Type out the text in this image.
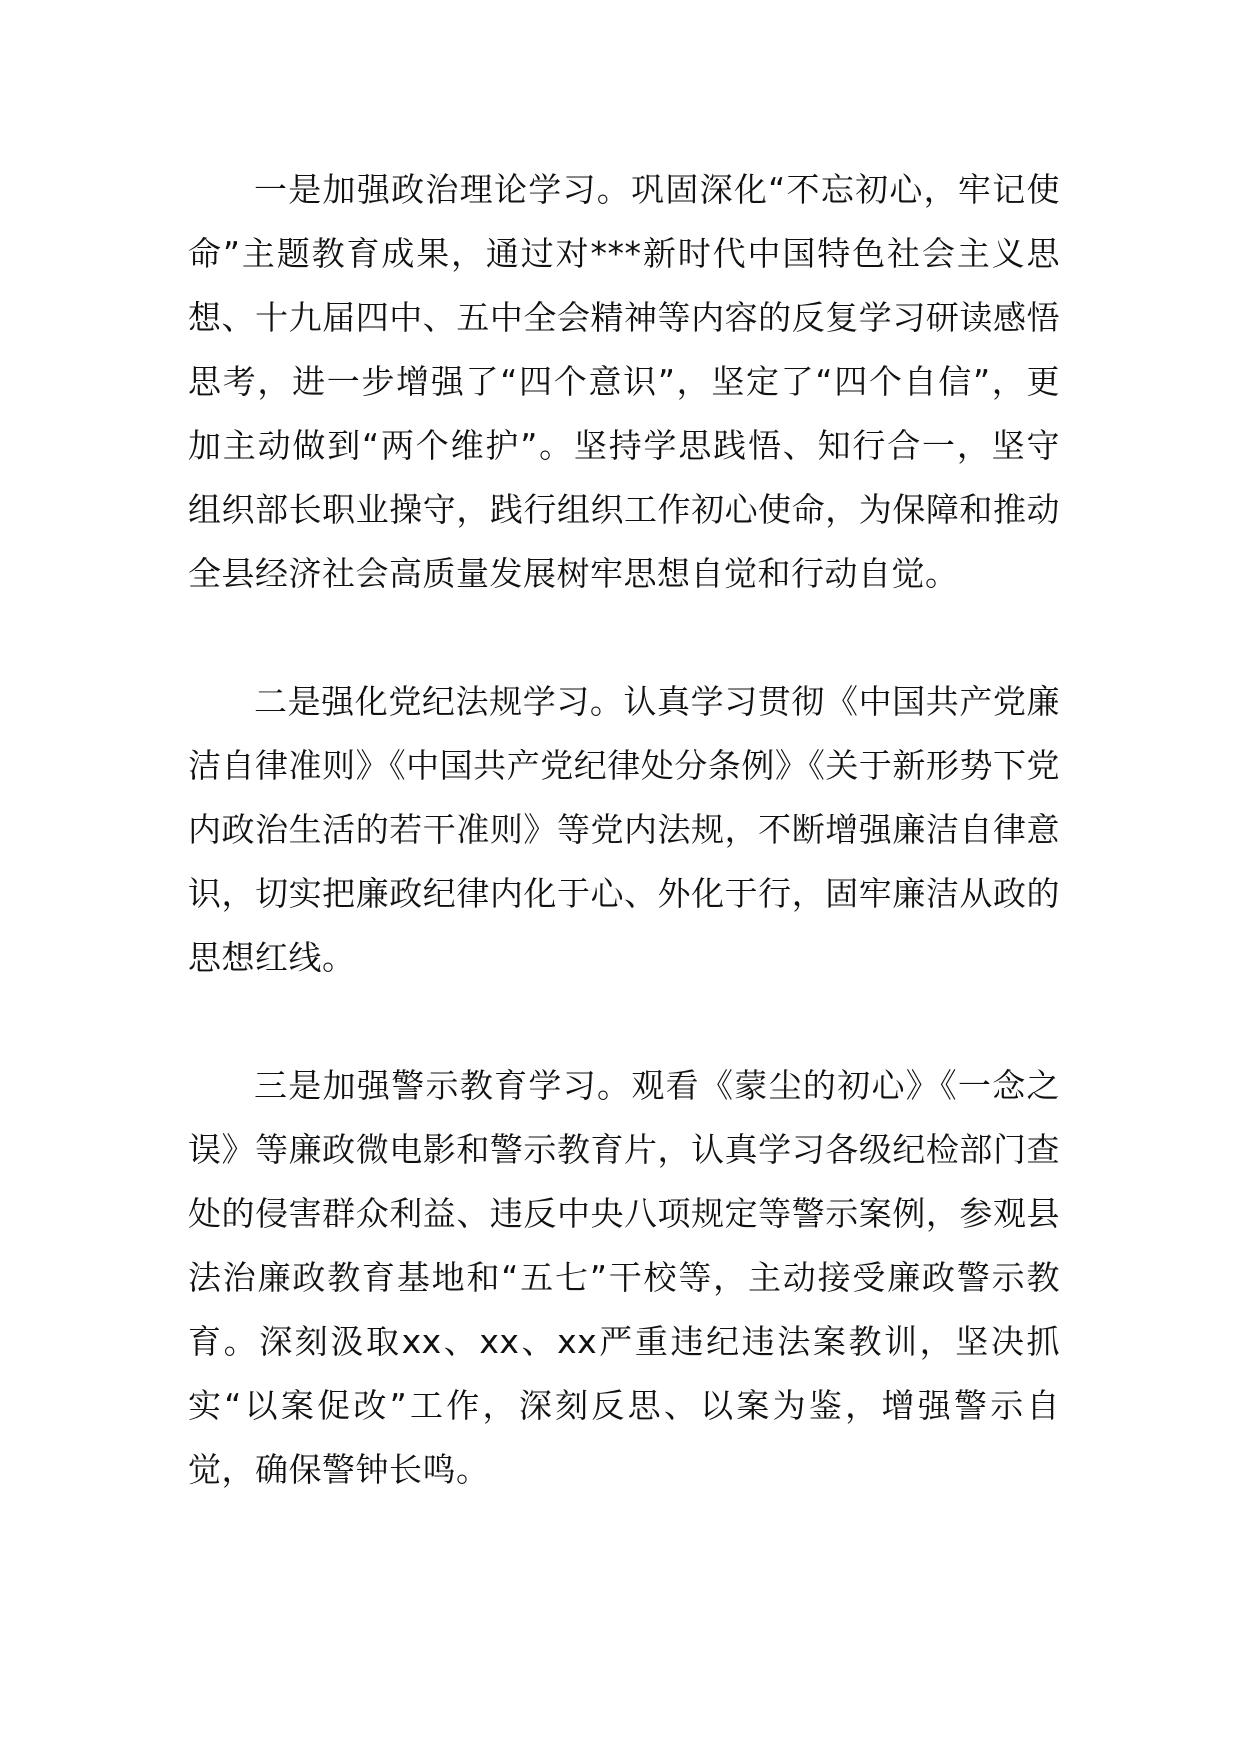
一是加强政治理论学习。巩固深化“不忘初心，牢记使命”主题教育成果，通过对***新时代中国特色社会主义思想、十九届四中、五中全会精神等内容的反复学习研读感悟思考，进一步增强了“四个意识”，坚定了“四个自信”，更加主动做到“两个维护”。坚持学思践悟、知行合一，坚守组织部长职业操守，践行组织工作初心使命，为保障和推动全县经济社会高质量发展树牢思想自觉和行动自觉。

二是强化党纪法规学习。认真学习贯彻《中国共产党廉洁自律准则》《中国共产党纪律处分条例》《关于新形势下党内政治生活的若干准则》等党内法规，不断增强廉洁自律意识，切实把廉政纪律内化于心、外化于行，固牢廉洁从政的思想红线。

三是加强警示教育学习。观看《蒙尘的初心》《一念之误》等廉政微电影和警示教育片，认真学习各级纪检部门查处的侵害群众利益、违反中央八项规定等警示案例，参观县法治廉政教育基地和“五七”干校等，主动接受廉政警示教育。深刻汲取xx、xx、xx严重违纪违法案教训，坚决抓实“以案促改”工作，深刻反思、以案为鉴，增强警示自觉，确保警钟长鸣。
